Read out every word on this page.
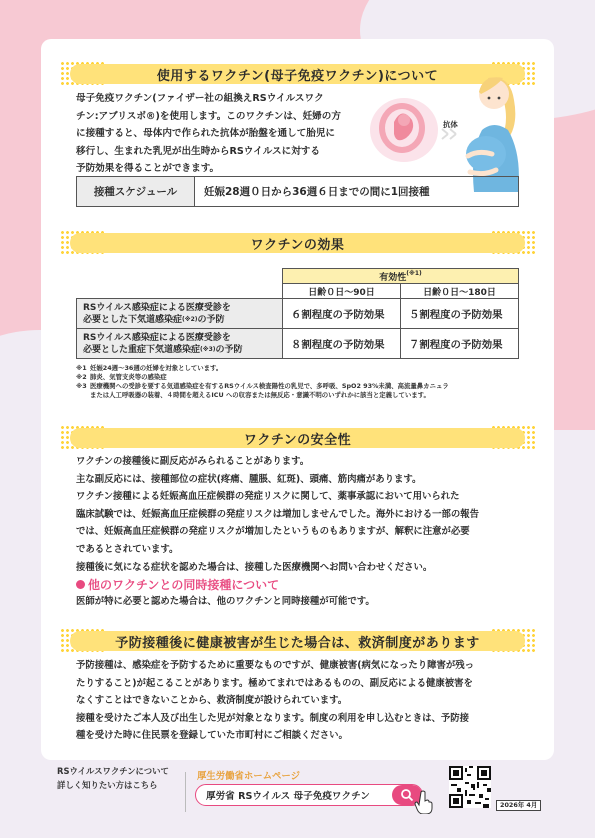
使用するワクチン(母子免疫ワクチン)について
母子免疫ワクチン(ファイザー社の組換えRSウイルスワク
チン:アブリスボ®)を使用します。このワクチンは、妊婦の方
に接種すると、母体内で作られた抗体が胎盤を通して胎児に
移行し、生まれた乳児が出生時からRSウイルスに対する
予防効果を得ることができます。
抗体
接種スケジュール	妊娠28週０日から36週６日までの間に1回接種
ワクチンの効果
	有効性$^{(※1)}$
	日齢０日～90日	日齢０日～180日
RSウイルス感染症による医療受診を
必要とした下気道感染症$^{(※2)}$の予防	６割程度の予防効果	５割程度の予防効果
RSウイルス感染症による医療受診を
必要とした重症下気道感染症$^{(※3)}$の予防	８割程度の予防効果	７割程度の予防効果
※1 妊娠24週～36週の妊婦を対象としています。
※2 肺炎、気管支炎等の感染症
※3 医療機関への受診を要する気道感染症を有するRSウイルス検査陽性の乳児で、多呼吸、SpO2 93%未満、高流量鼻カニュラ
または人工呼吸器の装着、４時間を超えるICU への収容または無反応・意識不明のいずれかに該当と定義しています。
ワクチンの安全性
ワクチンの接種後に副反応がみられることがあります。
主な副反応には、接種部位の症状(疼痛、腫脹、紅斑)、頭痛、筋肉痛があります。
ワクチン接種による妊娠高血圧症候群の発症リスクに関して、薬事承認において用いられた
臨床試験では、妊娠高血圧症候群の発症リスクは増加しませんでした。海外における一部の報告
では、妊娠高血圧症候群の発症リスクが増加したというものもありますが、解釈に注意が必要
であるとされています。
接種後に気になる症状を認めた場合は、接種した医療機関へお問い合わせください。
他のワクチンとの同時接種について
医師が特に必要と認めた場合は、他のワクチンと同時接種が可能です。
予防接種後に健康被害が生じた場合は、救済制度があります
予防接種は、感染症を予防するために重要なものですが、健康被害(病気になったり障害が残っ
たりすること)が起こることがあります。極めてまれではあるものの、副反応による健康被害を
なくすことはできないことから、救済制度が設けられています。
接種を受けたご本人及び出生した児が対象となります。制度の利用を申し込むときは、予防接
種を受けた時に住民票を登録していた市町村にご相談ください。
RSウイルスワクチンについて
詳しく知りたい方はこちら
厚生労働省ホームページ
厚労省 RSウイルス 母子免疫ワクチン
2026年 4月
